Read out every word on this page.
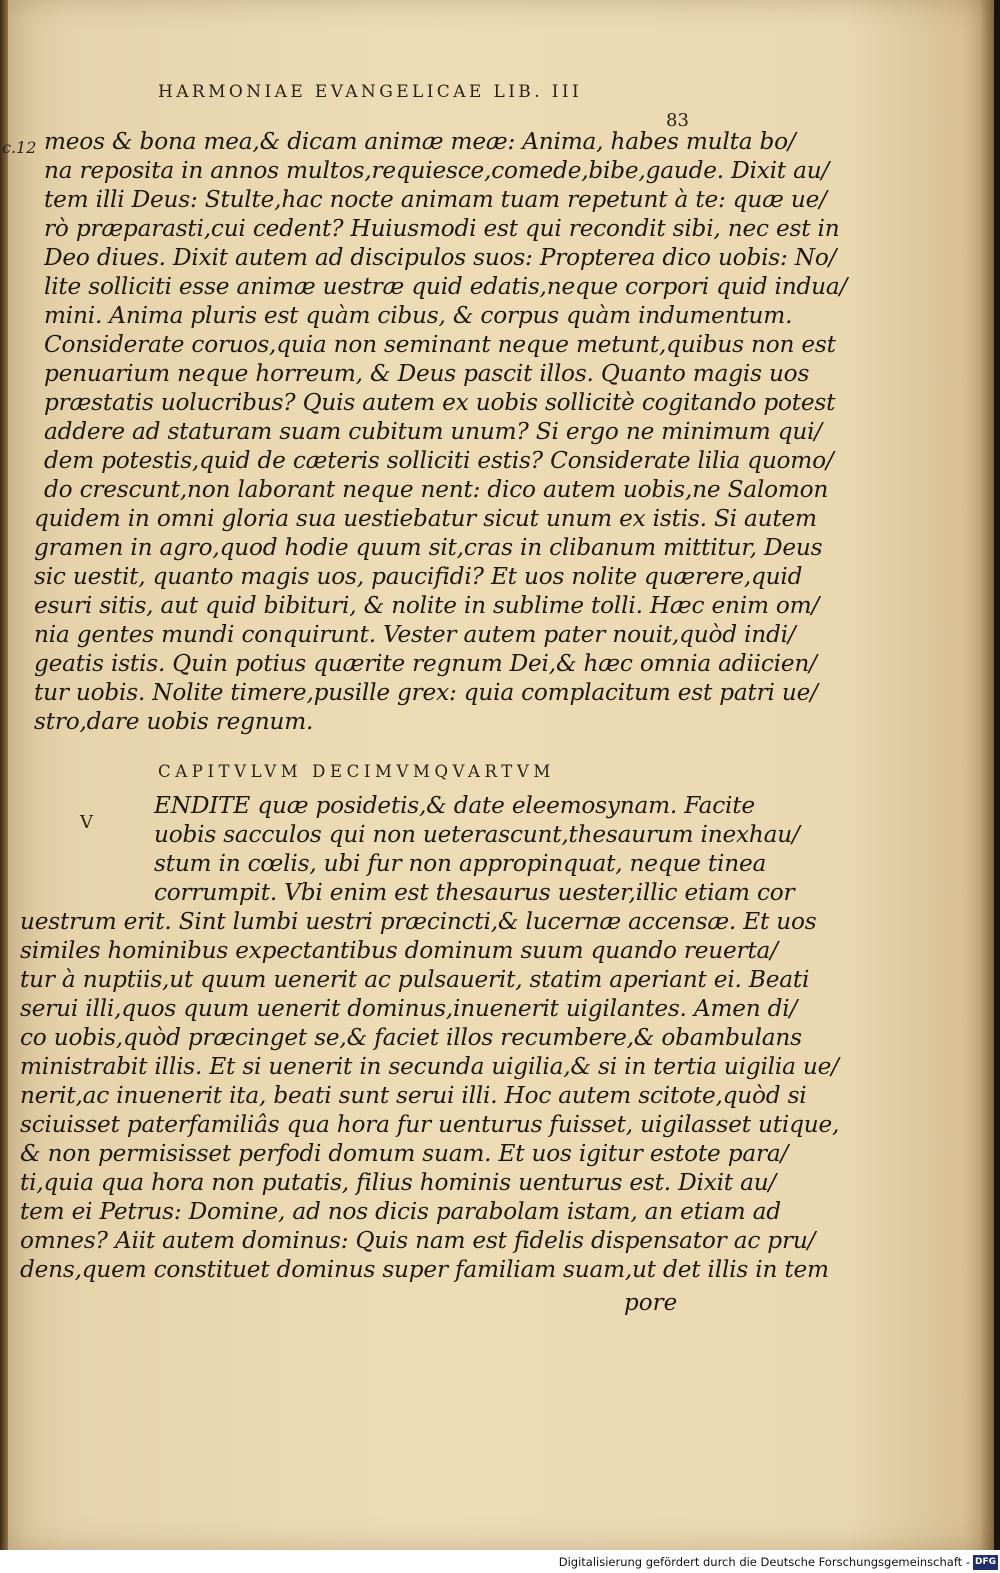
HARMONIAE EVANGELICAE LIB. III
83
c.12 meos & bona mea,& dicam animæ meæ: Anima, habes multa bo/
na reposita in annos multos,requiesce,comede,bibe,gaude. Dixit au/
tem illi Deus: Stulte,hac nocte animam tuam repetunt à te: quæ ue/
rò præparasti,cui cedent? Huiusmodi est qui recondit sibi, nec est in
Deo diues. Dixit autem ad discipulos suos: Propterea dico uobis: No/
lite solliciti esse animæ uestræ quid edatis,neque corpori quid indua/
mini. Anima pluris est quàm cibus, & corpus quàm indumentum.
Considerate coruos,quia non seminant neque metunt,quibus non est
penuarium neque horreum, & Deus pascit illos. Quanto magis uos
præstatis uolucribus? Quis autem ex uobis sollicitè cogitando potest
addere ad staturam suam cubitum unum? Si ergo ne minimum qui/
dem potestis,quid de cæteris solliciti estis? Considerate lilia quomo/
do crescunt,non laborant neque nent: dico autem uobis,ne Salomon
quidem in omni gloria sua uestiebatur sicut unum ex istis. Si autem
gramen in agro,quod hodie quum sit,cras in clibanum mittitur, Deus
sic uestit, quanto magis uos, paucifidi? Et uos nolite quærere,quid
esuri sitis, aut quid bibituri, & nolite in sublime tolli. Hæc enim om/
nia gentes mundi conquirunt. Vester autem pater nouit,quòd indi/
geatis istis. Quin potius quærite regnum Dei,& hæc omnia adiicien/
tur uobis. Nolite timere,pusille grex: quia complacitum est patri ue/
stro,dare uobis regnum.
CAPITVLVM DECIMVMQVARTVM
V
ENDITE quæ posidetis,& date eleemosynam. Facite
uobis sacculos qui non ueterascunt,thesaurum inexhau/
stum in cœlis, ubi fur non appropinquat, neque tinea
corrumpit. Vbi enim est thesaurus uester,illic etiam cor
uestrum erit. Sint lumbi uestri præcincti,& lucernæ accensæ. Et uos
similes hominibus expectantibus dominum suum quando reuerta/
tur à nuptiis,ut quum uenerit ac pulsauerit, statim aperiant ei. Beati
serui illi,quos quum uenerit dominus,inuenerit uigilantes. Amen di/
co uobis,quòd præcinget se,& faciet illos recumbere,& obambulans
ministrabit illis. Et si uenerit in secunda uigilia,& si in tertia uigilia ue/
nerit,ac inuenerit ita, beati sunt serui illi. Hoc autem scitote,quòd si
sciuisset paterfamiliâs qua hora fur uenturus fuisset, uigilasset utique,
& non permisisset perfodi domum suam. Et uos igitur estote para/
ti,quia qua hora non putatis, filius hominis uenturus est. Dixit au/
tem ei Petrus: Domine, ad nos dicis parabolam istam, an etiam ad
omnes? Aiit autem dominus: Quis nam est fidelis dispensator ac pru/
dens,quem constituet dominus super familiam suam,ut det illis in tem
pore
Digitalisierung gefördert durch die Deutsche Forschungsgemeinschaft - DFG
